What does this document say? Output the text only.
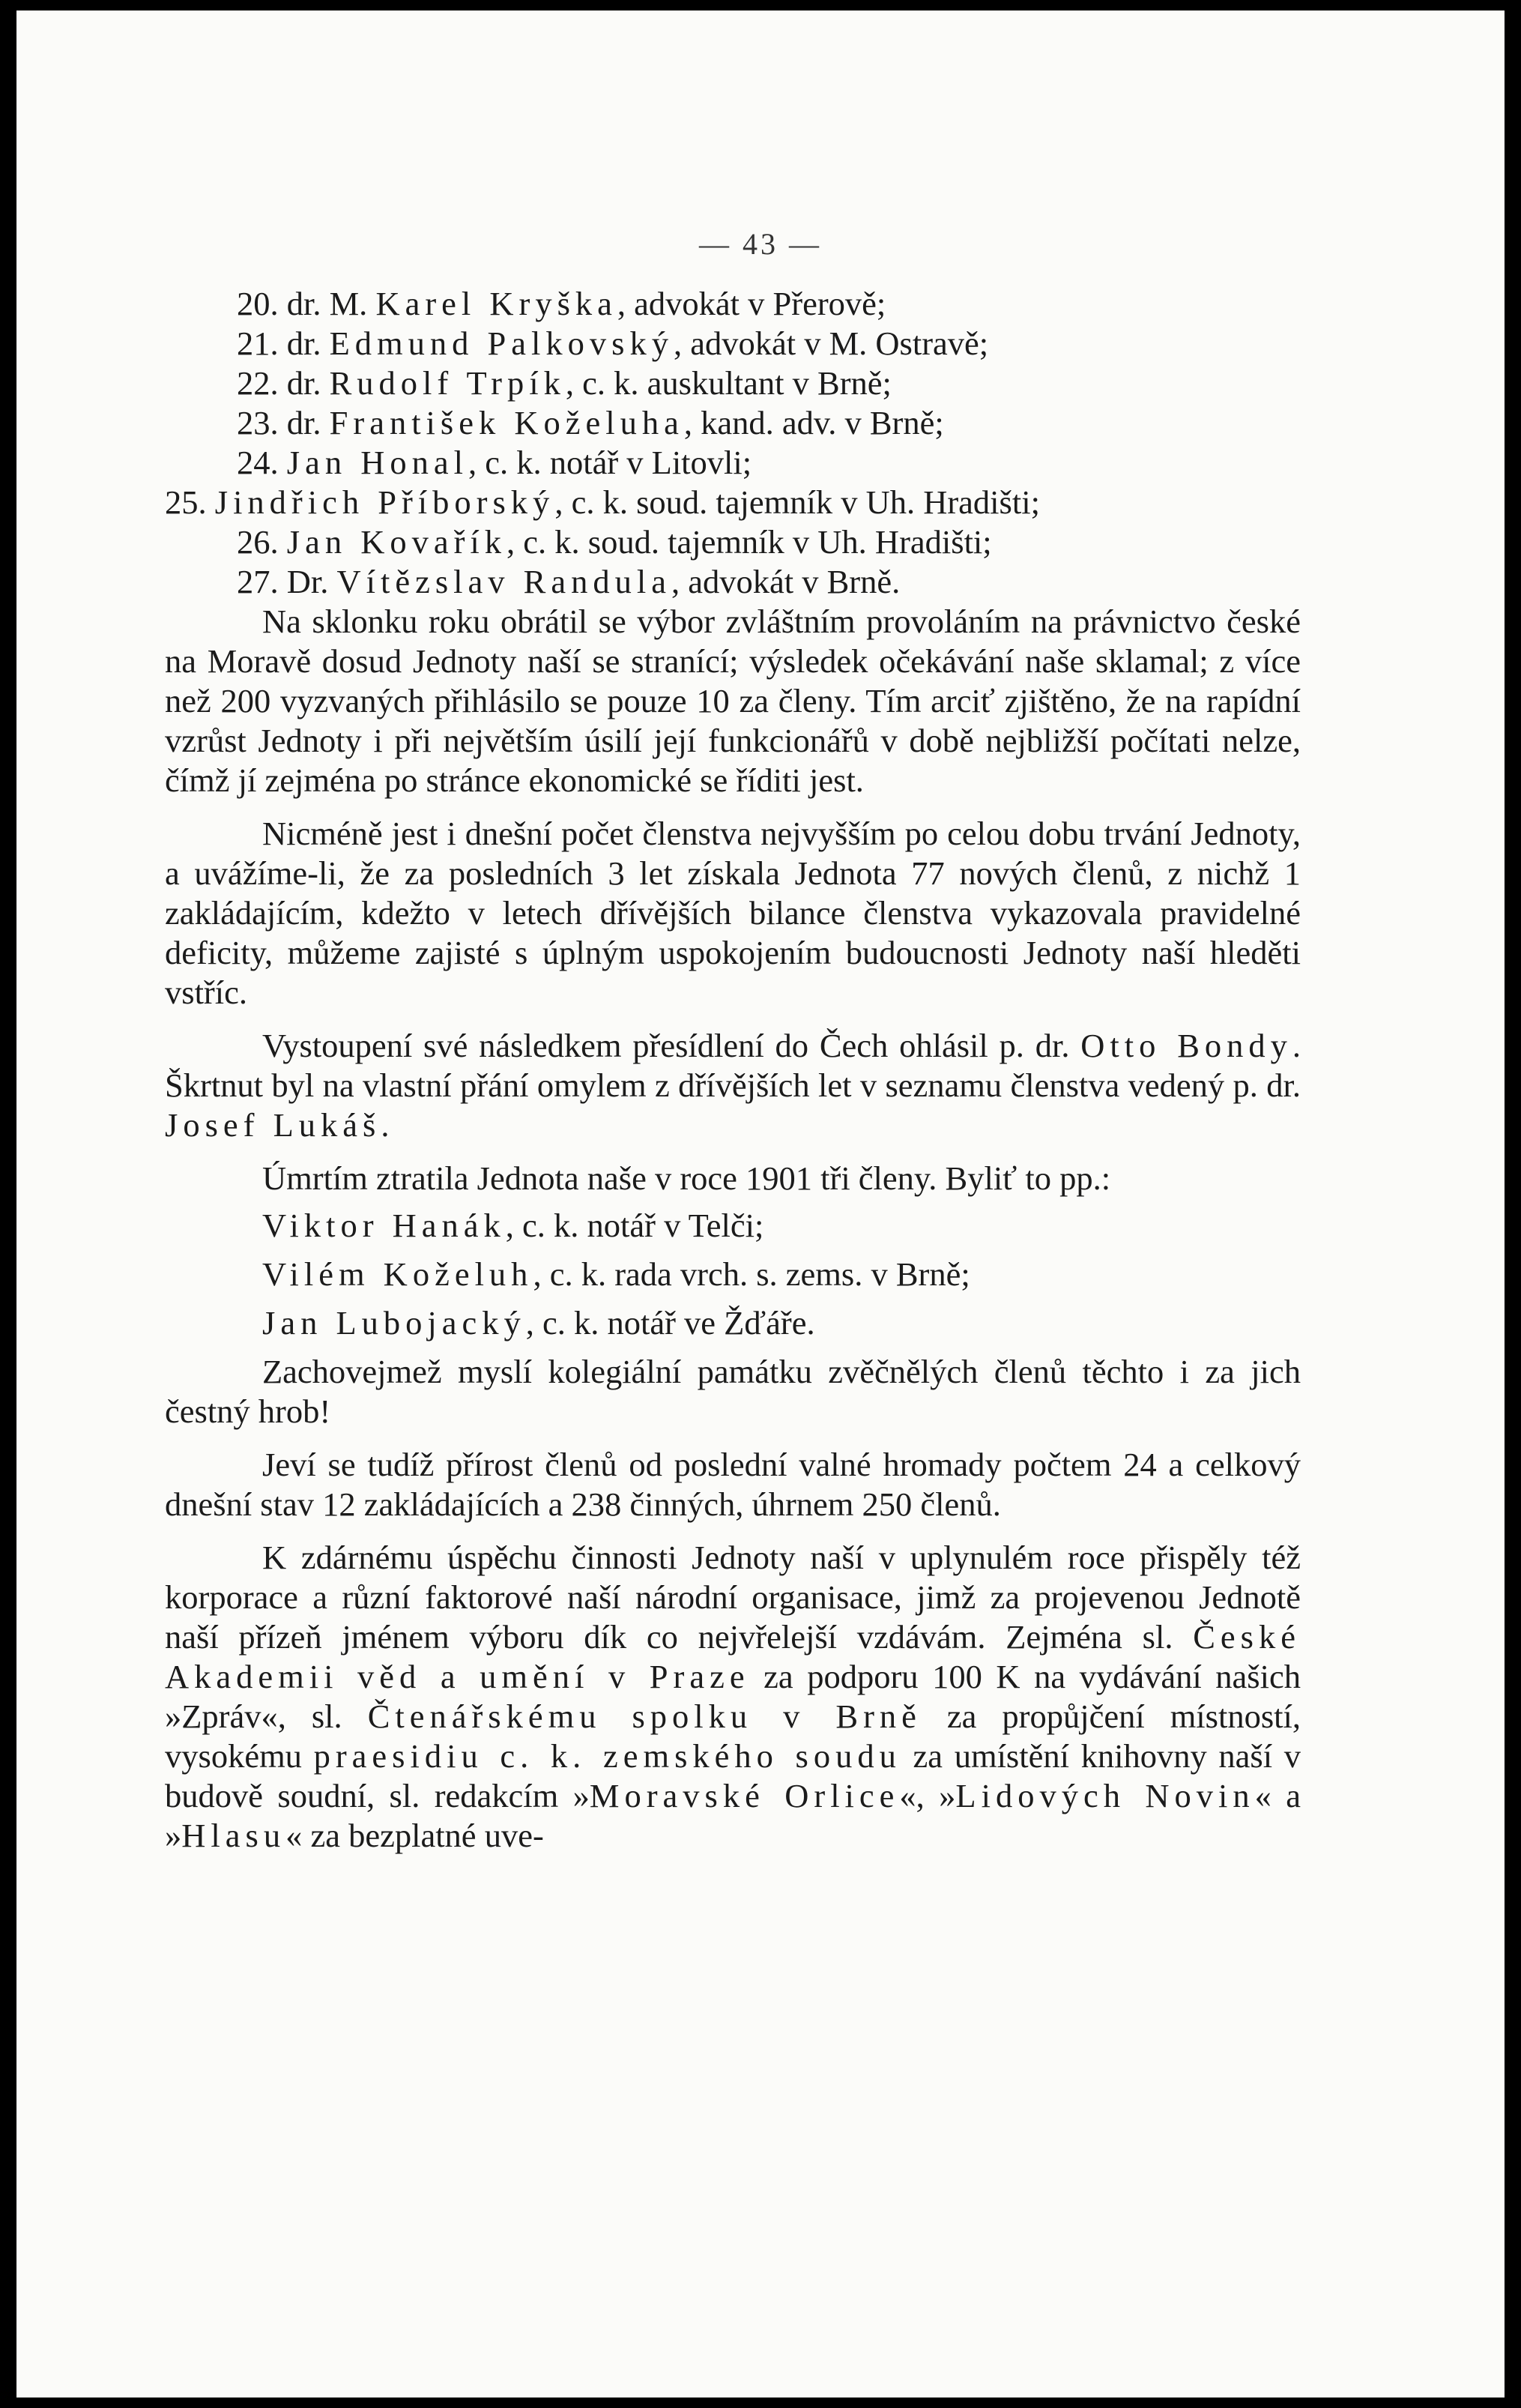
— 43 —
20. dr. M. Karel Kryška, advokát v Přerově;
21. dr. Edmund Palkovský, advokát v M. Ostravě;
22. dr. Rudolf Trpík, c. k. auskultant v Brně;
23. dr. František Koželuha, kand. adv. v Brně;
24. Jan Honal, c. k. notář v Litovli;
25. Jindřich Příborský, c. k. soud. tajemník v Uh. Hradišti;
26. Jan Kovařík, c. k. soud. tajemník v Uh. Hradišti;
27. Dr. Vítězslav Randula, advokát v Brně.

Na sklonku roku obrátil se výbor zvláštním provoláním na právnictvo české na Moravě dosud Jednoty naší se stranící; výsledek očekávání naše sklamal; z více než 200 vyzvaných přihlásilo se pouze 10 za členy. Tím arciť zjištěno, že na rapídní vzrůst Jednoty i při největším úsilí její funkcionářů v době nejbližší počítati nelze, čímž jí zejména po stránce ekonomické se říditi jest.

Nicméně jest i dnešní počet členstva nejvyšším po celou dobu trvání Jednoty, a uvážíme-li, že za posledních 3 let získala Jednota 77 nových členů, z nichž 1 zakládajícím, kdežto v letech dřívějších bilance členstva vykazovala pravidelné deficity, můžeme zajisté s úplným uspokojením budoucnosti Jednoty naší hleděti vstříc.

Vystoupení své následkem přesídlení do Čech ohlásil p. dr. Otto Bondy. Škrtnut byl na vlastní přání omylem z dřívějších let v seznamu členstva vedený p. dr. Josef Lukáš.

Úmrtím ztratila Jednota naše v roce 1901 tři členy. Byliť to pp.:

Viktor Hanák, c. k. notář v Telči;
Vilém Koželuh, c. k. rada vrch. s. zems. v Brně;
Jan Lubojacký, c. k. notář ve Žďáře.

Zachovejmež myslí kolegiální památku zvěčnělých členů těchto i za jich čestný hrob!

Jeví se tudíž přírost členů od poslední valné hromady počtem 24 a celkový dnešní stav 12 zakládajících a 238 činných, úhrnem 250 členů.

K zdárnému úspěchu činnosti Jednoty naší v uplynulém roce přispěly též korporace a různí faktorové naší národní organisace, jimž za projevenou Jednotě naší přízeň jménem výboru dík co nejvřelejší vzdávám. Zejména sl. České Akademii věd a umění v Praze za podporu 100 K na vydávání našich »Zpráv«, sl. Čtenářskému spolku v Brně za propůjčení místností, vysokému praesidiu c. k. zemského soudu za umístění knihovny naší v budově soudní, sl. redakcím »Moravské Orlice«, »Lidových Novin« a »Hlasu« za bezplatné uve-
